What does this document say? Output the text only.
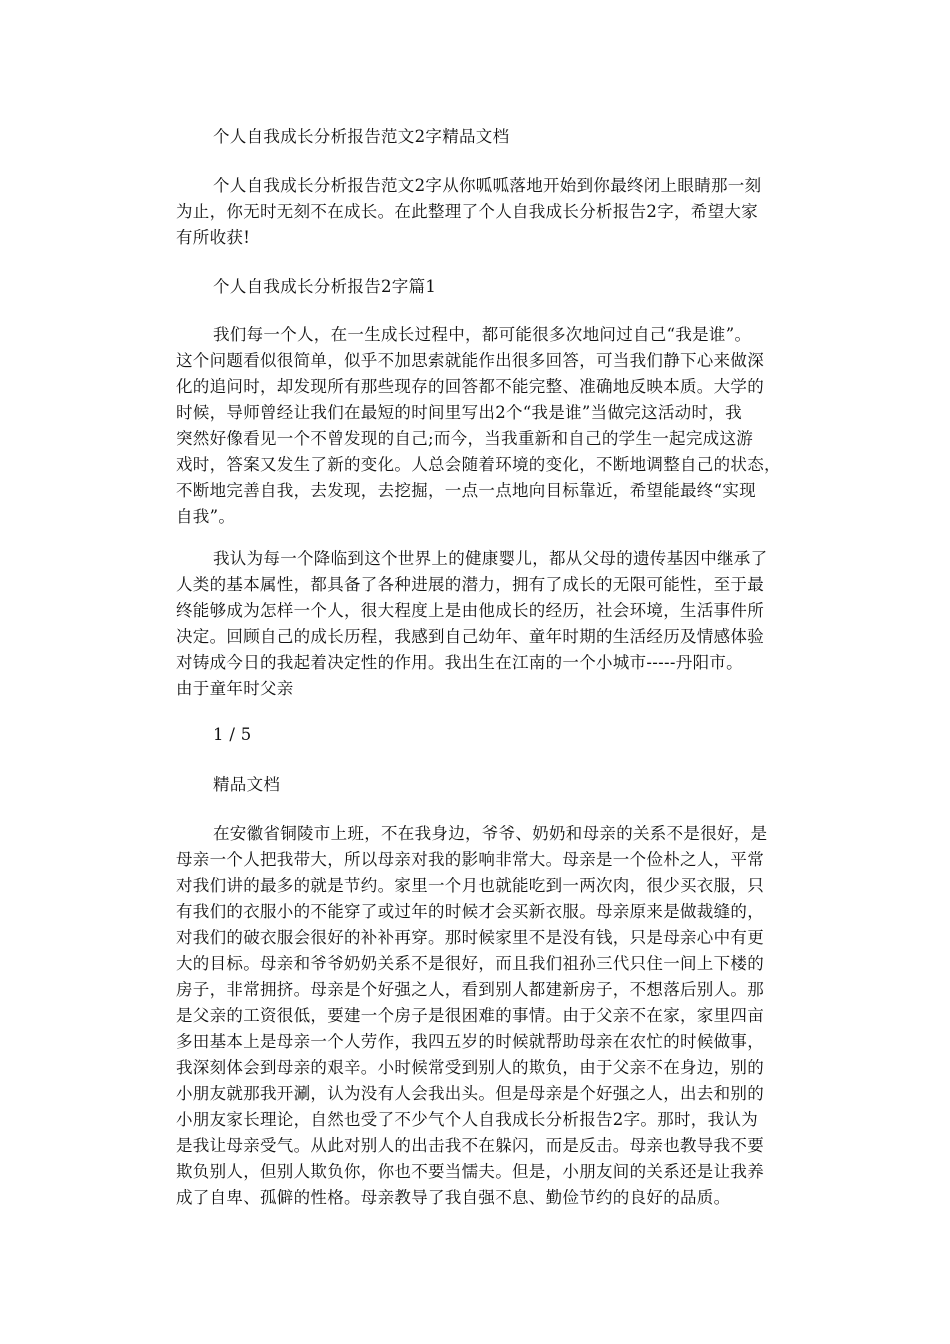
个人自我成长分析报告范文2字精品文档

个人自我成长分析报告范文2字从你呱呱落地开始到你最终闭上眼睛那一刻

为止，你无时无刻不在成长。在此整理了个人自我成长分析报告2字，希望大家

有所收获!

个人自我成长分析报告2字篇1

我们每一个人，在一生成长过程中，都可能很多次地问过自己“我是谁”。

这个问题看似很简单，似乎不加思索就能作出很多回答，可当我们静下心来做深

化的追问时，却发现所有那些现存的回答都不能完整、准确地反映本质。大学的

时候，导师曾经让我们在最短的时间里写出2个“我是谁”当做完这活动时，我

突然好像看见一个不曾发现的自己;而今，当我重新和自己的学生一起完成这游

戏时，答案又发生了新的变化。人总会随着环境的变化，不断地调整自己的状态，

不断地完善自我，去发现，去挖掘，一点一点地向目标靠近，希望能最终“实现

自我”。

我认为每一个降临到这个世界上的健康婴儿，都从父母的遗传基因中继承了

人类的基本属性，都具备了各种进展的潜力，拥有了成长的无限可能性，至于最

终能够成为怎样一个人，很大程度上是由他成长的经历，社会环境，生活事件所

决定。回顾自己的成长历程，我感到自己幼年、童年时期的生活经历及情感体验

对铸成今日的我起着决定性的作用。我出生在江南的一个小城市-----丹阳市。

由于童年时父亲

1 / 5

精品文档

在安徽省铜陵市上班，不在我身边，爷爷、奶奶和母亲的关系不是很好，是

母亲一个人把我带大，所以母亲对我的影响非常大。母亲是一个俭朴之人，平常

对我们讲的最多的就是节约。家里一个月也就能吃到一两次肉，很少买衣服，只

有我们的衣服小的不能穿了或过年的时候才会买新衣服。母亲原来是做裁缝的，

对我们的破衣服会很好的补补再穿。那时候家里不是没有钱，只是母亲心中有更

大的目标。母亲和爷爷奶奶关系不是很好，而且我们祖孙三代只住一间上下楼的

房子，非常拥挤。母亲是个好强之人，看到别人都建新房子，不想落后别人。那

是父亲的工资很低，要建一个房子是很困难的事情。由于父亲不在家，家里四亩

多田基本上是母亲一个人劳作，我四五岁的时候就帮助母亲在农忙的时候做事，

我深刻体会到母亲的艰辛。小时候常受到别人的欺负，由于父亲不在身边，别的

小朋友就那我开涮，认为没有人会我出头。但是母亲是个好强之人，出去和别的

小朋友家长理论，自然也受了不少气个人自我成长分析报告2字。那时，我认为

是我让母亲受气。从此对别人的出击我不在躲闪，而是反击。母亲也教导我不要

欺负别人，但别人欺负你，你也不要当懦夫。但是，小朋友间的关系还是让我养

成了自卑、孤僻的性格。母亲教导了我自强不息、勤俭节约的良好的品质。
